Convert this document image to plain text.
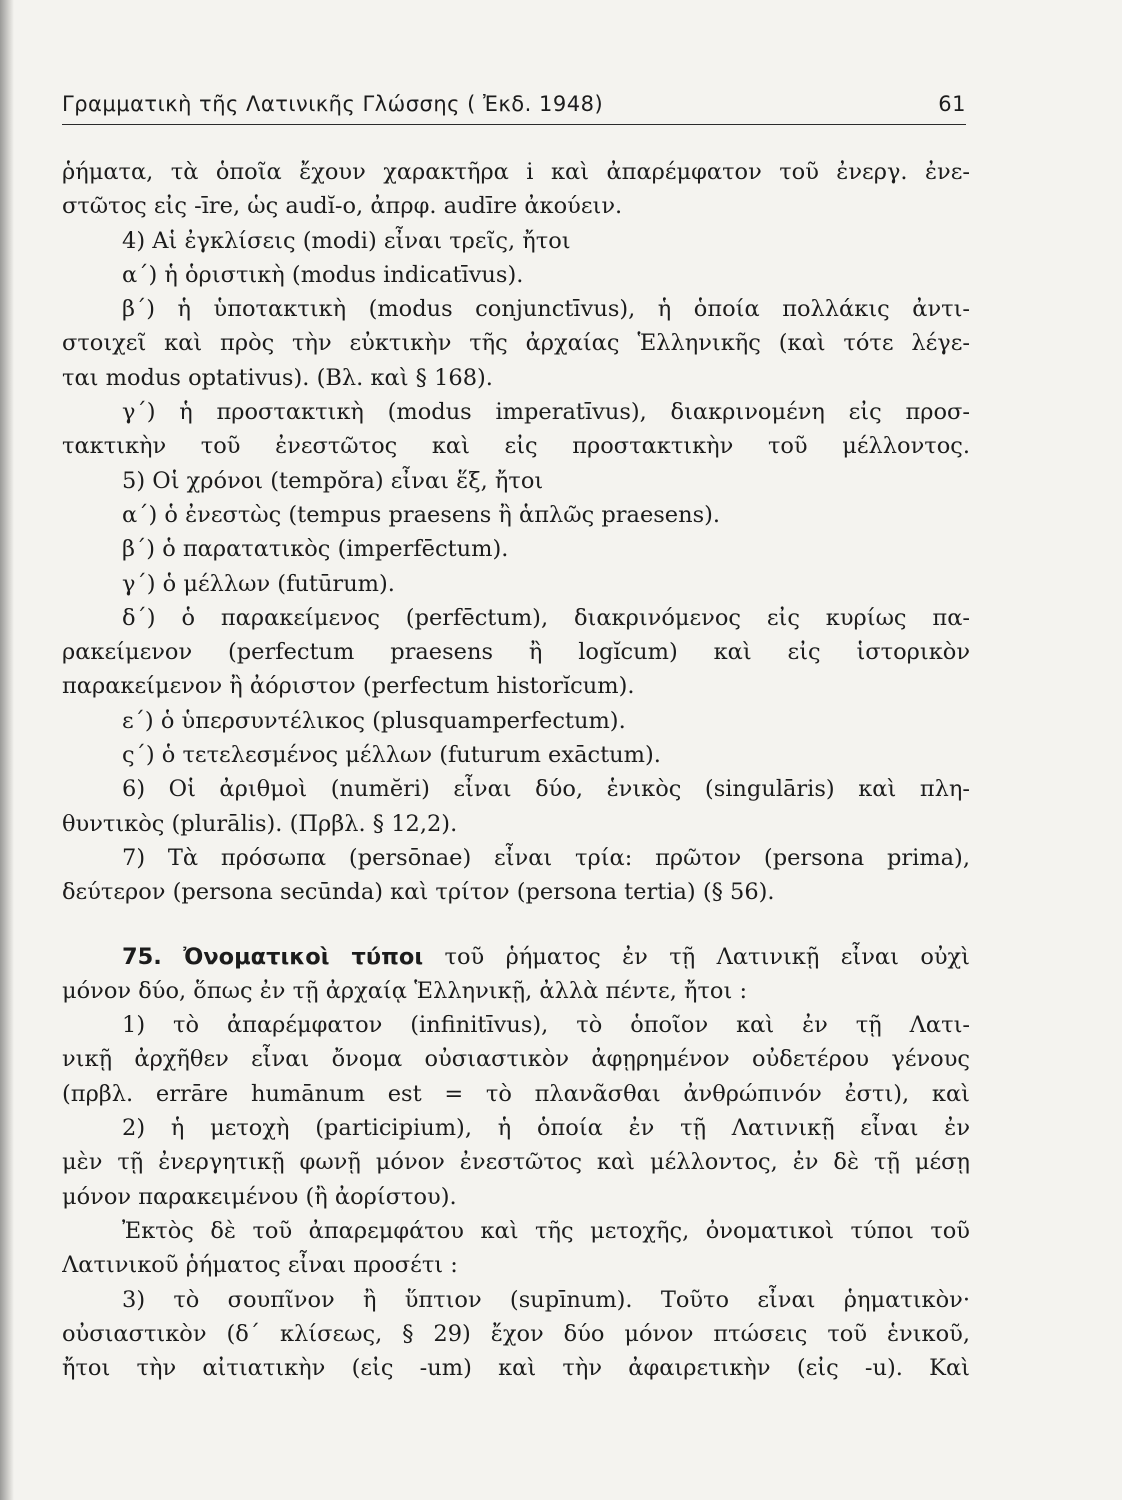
Γραμματικὴ τῆς Λατινικῆς Γλώσσης ( Ἐκδ. 1948)	61
ῥήματα, τὰ ὁποῖα ἔχουν χαρακτῆρα i καὶ ἀπαρέμφατον τοῦ ἐνεργ. ἐνε-
στῶτος εἰς -īre, ὡς audĭ-o, ἀπρφ. audīre ἀκούειν.
4) Αἱ ἐγκλίσεις (modi) εἶναι τρεῖς, ἤτοι
α΄) ἡ ὁριστικὴ (modus indicatīvus).
β΄) ἡ ὑποτακτικὴ (modus conjunctīvus), ἡ ὁποία πολλάκις ἀντι-
στοιχεῖ καὶ πρὸς τὴν εὐκτικὴν τῆς ἀρχαίας Ἑλληνικῆς (καὶ τότε λέγε-
ται modus optativus). (Βλ. καὶ § 168).
γ΄) ἡ προστακτικὴ (modus imperatīvus), διακρινομένη εἰς προσ-
τακτικὴν τοῦ ἐνεστῶτος καὶ εἰς προστακτικὴν τοῦ μέλλοντος.
5) Οἱ χρόνοι (tempŏra) εἶναι ἕξ, ἤτοι
α΄) ὁ ἐνεστὼς (tempus praesens ἢ ἁπλῶς praesens).
β΄) ὁ παρατατικὸς (imperfēctum).
γ΄) ὁ μέλλων (futūrum).
δ΄) ὁ παρακείμενος (perfēctum), διακρινόμενος εἰς κυρίως πα-
ρακείμενον (perfectum praesens ἢ logĭcum) καὶ εἰς ἱστορικὸν
παρακείμενον ἢ ἀόριστον (perfectum historĭcum).
ε΄) ὁ ὑπερσυντέλικος (plusquamperfectum).
ς΄) ὁ τετελεσμένος μέλλων (futurum exāctum).
6) Οἱ ἀριθμοὶ (numĕri) εἶναι δύο, ἑνικὸς (singulāris) καὶ πλη-
θυντικὸς (plurālis). (Πρβλ. § 12,2).
7) Τὰ πρόσωπα (persōnae) εἶναι τρία: πρῶτον (persona prima),
δεύτερον (persona secūnda) καὶ τρίτον (persona tertia) (§ 56).
75. Ὀνοματικοὶ τύποι τοῦ ῥήματος ἐν τῇ Λατινικῇ εἶναι οὐχὶ
μόνον δύο, ὅπως ἐν τῇ ἀρχαίᾳ Ἑλληνικῇ, ἀλλὰ πέντε, ἤτοι :
1) τὸ ἀπαρέμφατον (infinitīvus), τὸ ὁποῖον καὶ ἐν τῇ Λατι-
νικῇ ἀρχῆθεν εἶναι ὄνομα οὐσιαστικὸν ἀφῃρημένον οὐδετέρου γένους
(πρβλ. errāre humānum est = τὸ πλανᾶσθαι ἀνθρώπινόν ἐστι), καὶ
2) ἡ μετοχὴ (participium), ἡ ὁποία ἐν τῇ Λατινικῇ εἶναι ἐν
μὲν τῇ ἐνεργητικῇ φωνῇ μόνον ἐνεστῶτος καὶ μέλλοντος, ἐν δὲ τῇ μέσῃ
μόνον παρακειμένου (ἢ ἀορίστου).
Ἐκτὸς δὲ τοῦ ἀπαρεμφάτου καὶ τῆς μετοχῆς, ὀνοματικοὶ τύποι τοῦ
Λατινικοῦ ῥήματος εἶναι προσέτι :
3) τὸ σουπῖνον ἢ ὕπτιον (supīnum). Τοῦτο εἶναι ῥηματικὸν·
οὐσιαστικὸν (δ΄ κλίσεως, § 29) ἔχον δύο μόνον πτώσεις τοῦ ἑνικοῦ,
ἤτοι τὴν αἰτιατικὴν (εἰς -um) καὶ τὴν ἀφαιρετικὴν (εἰς -u). Καὶ
